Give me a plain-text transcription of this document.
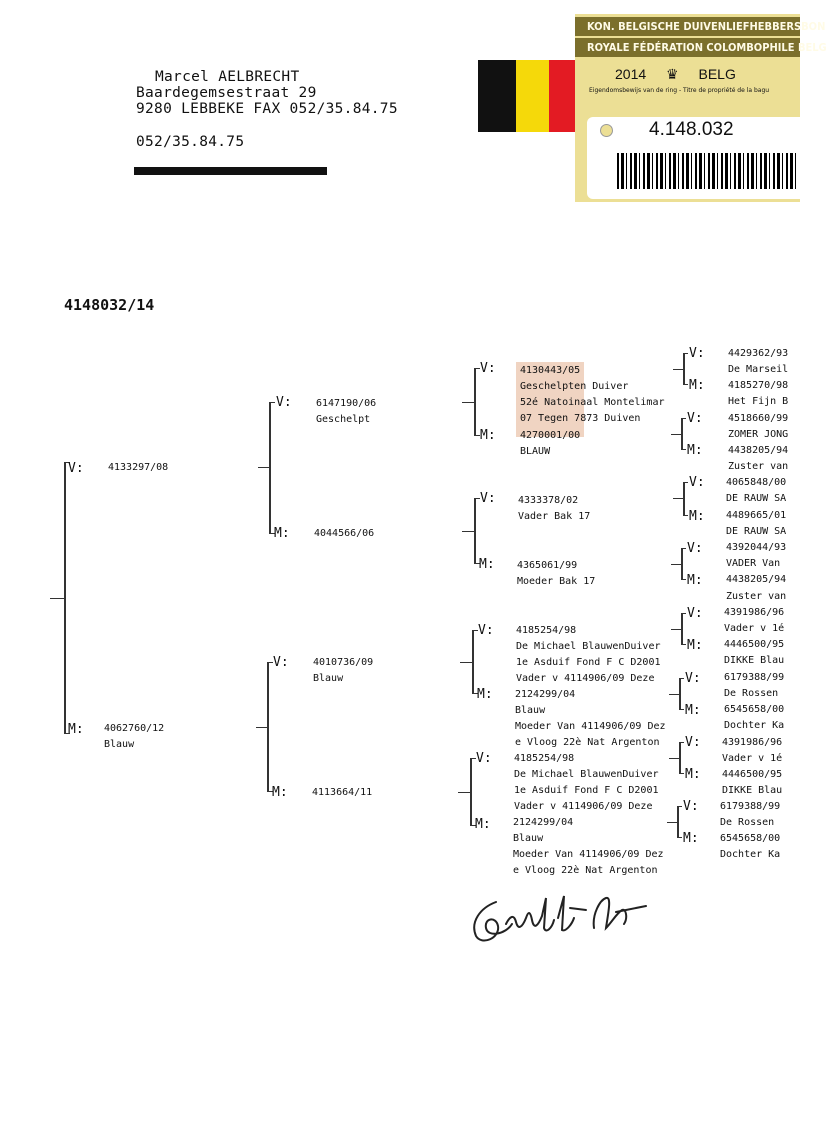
Marcel AELBRECHT
Baardegemsestraat 29
9280 LEBBEKE FAX 052/35.84.75
052/35.84.75
KON. BELGISCHE DUIVENLIEFHEBBERSBON
ROYALE FÉDÉRATION COLOMBOPHILE BELG
2014 ♛ BELG
Eigendomsbewijs van de ring - Titre de propriété de la bagu
4.148.032
4148032/14
V: 4133297/08
M: 4062760/12
Blauw
V: 6147190/06
Geschelpt
M: 4044566/06
V: 4010736/09
Blauw
M: 4113664/11
V: 4130443/05
Geschelpten Duiver
52é Natoinaal Montelimar
07 Tegen 7873 Duiven
M: 4270001/00
BLAUW
V: 4333378/02
Vader Bak 17
M: 4365061/99
Moeder Bak 17
V: 4185254/98
De Michael BlauwenDuiver
1e Asduif Fond F C D2001
Vader v 4114906/09 Deze
M: 2124299/04
Blauw
Moeder Van 4114906/09 Dez
e Vloog 22è Nat Argenton
V: 4185254/98
De Michael BlauwenDuiver
1e Asduif Fond F C D2001
Vader v 4114906/09 Deze
M: 2124299/04
Blauw
Moeder Van 4114906/09 Dez
e Vloog 22è Nat Argenton
V:
M:
V:
M:
V:
M:
V:
M:
V:
M:
V:
M:
V:
M:
V:
M:
4429362/93
De Marseil
4185270/98
Het Fijn B
4518660/99
ZOMER JONG
4438205/94
Zuster van
4065848/00
DE RAUW SA
4489665/01
DE RAUW SA
4392044/93
VADER Van
4438205/94
Zuster van
4391986/96
Vader v 1é
4446500/95
DIKKE Blau
6179388/99
De Rossen
6545658/00
Dochter Ka
4391986/96
Vader v 1é
4446500/95
DIKKE Blau
6179388/99
De Rossen
6545658/00
Dochter Ka
